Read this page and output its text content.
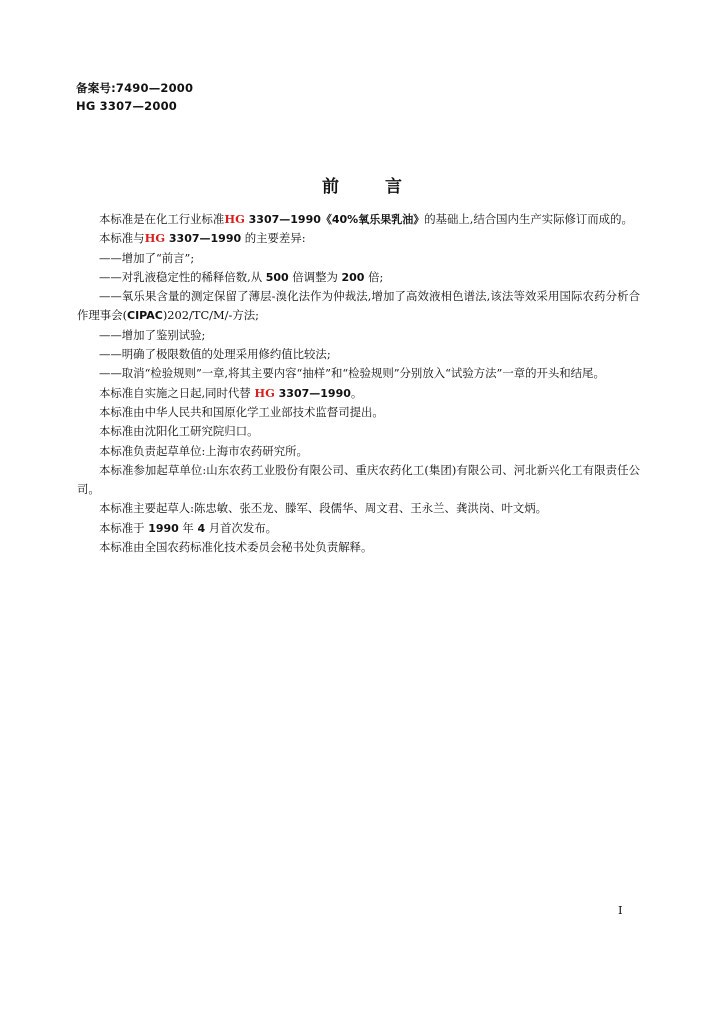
备案号:7490—2000
HG 3307—2000
前言

本标准是在化工行业标准HG 3307—1990《40%氧乐果乳油》的基础上,结合国内生产实际修订而成的。

本标准与HG 3307—1990 的主要差异:

——增加了“前言”;

——对乳液稳定性的稀释倍数,从 500 倍调整为 200 倍;

——氧乐果含量的测定保留了薄层-溴化法作为仲裁法,增加了高效液相色谱法,该法等效采用国际农药分析合作理事会(CIPAC)202/TC/M/-方法;

——增加了鉴别试验;

——明确了极限数值的处理采用修约值比较法;

——取消“检验规则”一章,将其主要内容“抽样”和“检验规则”分别放入“试验方法”一章的开头和结尾。

本标准自实施之日起,同时代替 HG 3307—1990。

本标准由中华人民共和国原化学工业部技术监督司提出。

本标准由沈阳化工研究院归口。

本标准负责起草单位:上海市农药研究所。

本标准参加起草单位:山东农药工业股份有限公司、重庆农药化工(集团)有限公司、河北新兴化工有限责任公司。

本标准主要起草人:陈忠敏、张丕龙、滕军、段儒华、周文君、王永兰、龚洪岗、叶文炳。

本标准于 1990 年 4 月首次发布。

本标准由全国农药标准化技术委员会秘书处负责解释。

I
